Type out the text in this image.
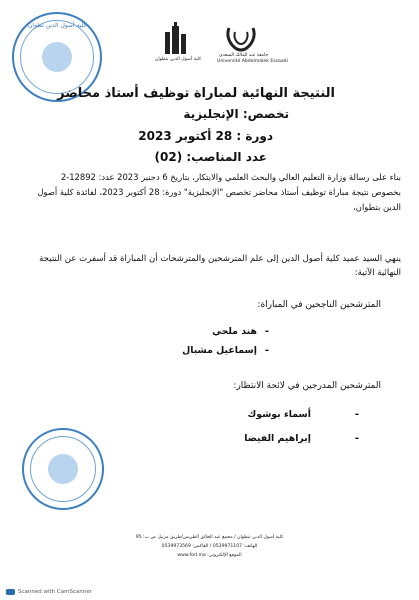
كلية أصول الدين تطوان
كلية أصول الدين بتطوان
جامعة عبد المالك السعدي
Université Abdelmalek Essaadi
النتيجة النهائية لمباراة توظيف أستاذ محاضر
تخصص: الإنجليزية
دورة : 28 أكتوبر 2023
عدد المناصب: (02)
بناء على رسالة وزارة التعليم العالي والبحث العلمي والابتكار، بتاريخ 6 دجنبر 2023 عدد: 12892-2 بخصوص نتيجة مباراة توظيف أستاذ محاضر تخصص "الإنجليزية" دورة: 28 أكتوبر 2023، لفائدة كلية أصول الدين بتطوان،
ينهي السيد عميد كلية أصول الدين إلى علم المترشحين والمترشحات أن المباراة قد أسفرت عن النتيجة النهائية الآتية:
المترشحين الناجحين في المباراة:
-
هند ملحي
-
إسماعيل مشبال
المترشحين المدرجين في لائحة الانتظار:
-
أسماء بوشوك
-
إبراهيم الفيضا
كلية أصول الدين بتطوان / مجمع عبد الخالق الطريس/طريق مرتيل ص ب: 95
الهاتف: 0539971107 / الفاكس: 0539973569
الموقع الإلكتروني: www.fod.ma
Scanned with CamScanner
